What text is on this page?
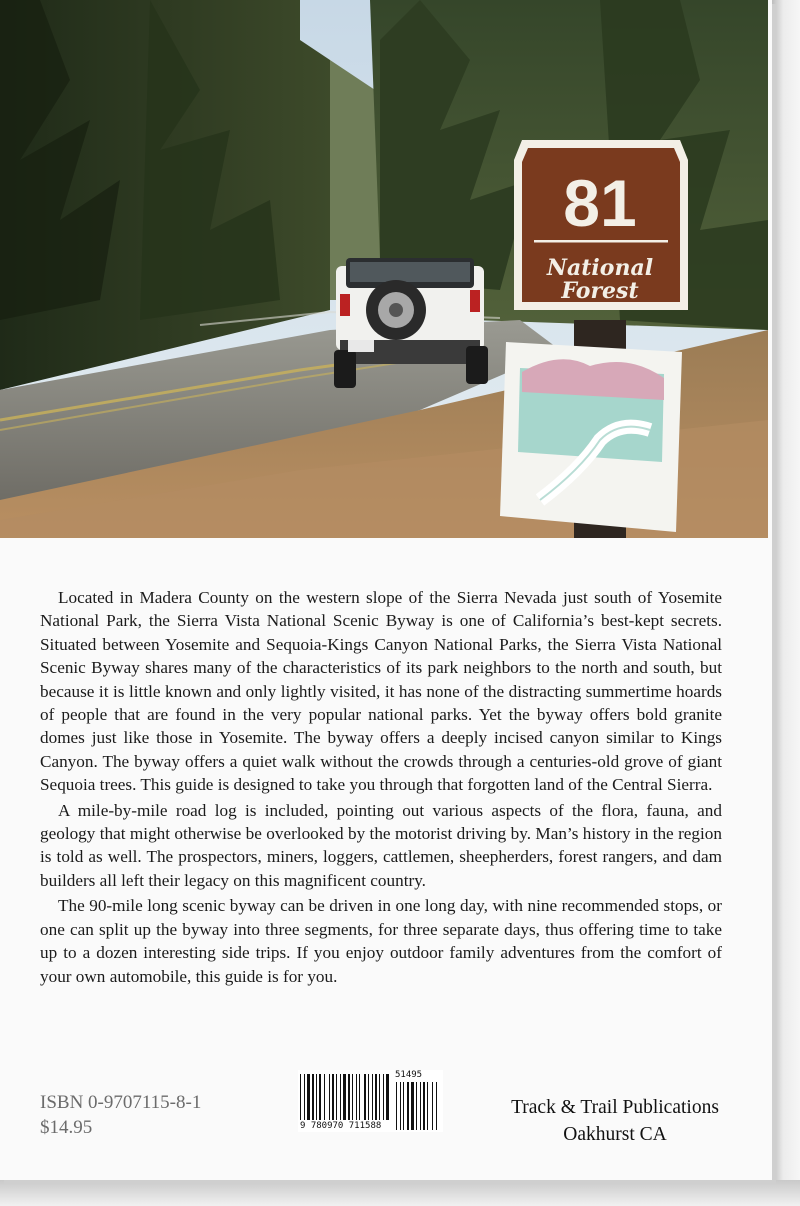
81
National
Forest

Located in Madera County on the western slope of the Sierra Nevada just south of Yosemite National Park, the Sierra Vista National Scenic Byway is one of California’s best-kept secrets. Situated between Yosemite and Sequoia-Kings Canyon National Parks, the Sierra Vista National Scenic Byway shares many of the characteristics of its park neighbors to the north and south, but because it is little known and only lightly visited, it has none of the distracting summertime hoards of people that are found in the very popular national parks. Yet the byway offers bold granite domes just like those in Yosemite. The byway offers a deeply incised canyon similar to Kings Canyon. The byway offers a quiet walk without the crowds through a centuries-old grove of giant Sequoia trees. This guide is designed to take you through that forgotten land of the Central Sierra.

A mile-by-mile road log is included, pointing out various aspects of the flora, fauna, and geology that might otherwise be overlooked by the motorist driving by. Man’s history in the region is told as well. The prospectors, miners, loggers, cattlemen, sheepherders, forest rangers, and dam builders all left their legacy on this magnificent country.

The 90-mile long scenic byway can be driven in one long day, with nine recommended stops, or one can split up the byway into three segments, for three separate days, thus offering time to take up to a dozen interesting side trips. If you enjoy outdoor family adventures from the comfort of your own automobile, this guide is for you.

ISBN 0-9707115-8-1
$14.95
51495
9 780970 711588
Track & Trail Publications
Oakhurst CA
